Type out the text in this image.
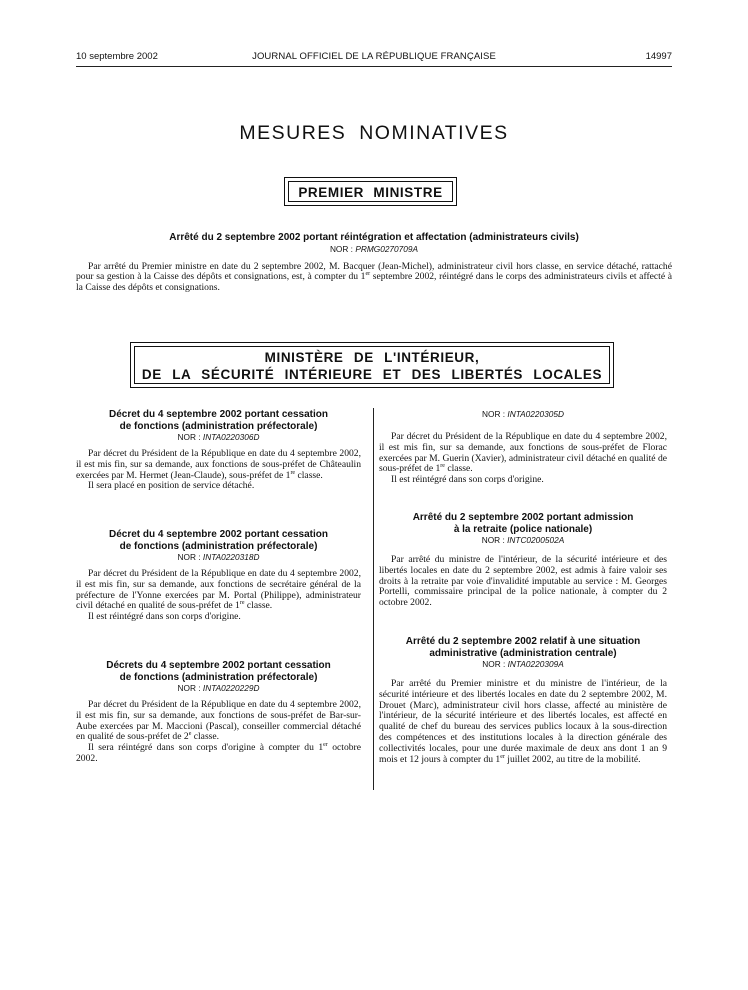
10 septembre 2002	JOURNAL OFFICIEL DE LA RÉPUBLIQUE FRANÇAISE	14997
MESURES NOMINATIVES
PREMIER MINISTRE
Arrêté du 2 septembre 2002 portant réintégration et affectation (administrateurs civils)
NOR : PRMG0270709A

Par arrêté du Premier ministre en date du 2 septembre 2002, M. Bacquer (Jean-Michel), administrateur civil hors classe, en service détaché, rattaché pour sa gestion à la Caisse des dépôts et consignations, est, à compter du 1er septembre 2002, réintégré dans le corps des administrateurs civils et affecté à la Caisse des dépôts et consignations.

MINISTÈRE DE L'INTÉRIEUR,
DE LA SÉCURITÉ INTÉRIEURE ET DES LIBERTÉS LOCALES
Décret du 4 septembre 2002 portant cessation
de fonctions (administration préfectorale)
NOR : INTA0220306D

Par décret du Président de la République en date du 4 septembre 2002, il est mis fin, sur sa demande, aux fonctions de sous-préfet de Châteaulin exercées par M. Hermet (Jean-Claude), sous-préfet de 1re classe.

Il sera placé en position de service détaché.

Décret du 4 septembre 2002 portant cessation
de fonctions (administration préfectorale)
NOR : INTA0220318D

Par décret du Président de la République en date du 4 septembre 2002, il est mis fin, sur sa demande, aux fonctions de secrétaire général de la préfecture de l'Yonne exercées par M. Portal (Philippe), administrateur civil détaché en qualité de sous-préfet de 1re classe.

Il est réintégré dans son corps d'origine.

Décrets du 4 septembre 2002 portant cessation
de fonctions (administration préfectorale)
NOR : INTA0220229D

Par décret du Président de la République en date du 4 septembre 2002, il est mis fin, sur sa demande, aux fonctions de sous-préfet de Bar-sur-Aube exercées par M. Maccioni (Pascal), conseiller commercial détaché en qualité de sous-préfet de 2e classe.

Il sera réintégré dans son corps d'origine à compter du 1er octobre 2002.

NOR : INTA0220305D

Par décret du Président de la République en date du 4 septembre 2002, il est mis fin, sur sa demande, aux fonctions de sous-préfet de Florac exercées par M. Guerin (Xavier), administrateur civil détaché en qualité de sous-préfet de 1re classe.

Il est réintégré dans son corps d'origine.

Arrêté du 2 septembre 2002 portant admission
à la retraite (police nationale)
NOR : INTC0200502A

Par arrêté du ministre de l'intérieur, de la sécurité intérieure et des libertés locales en date du 2 septembre 2002, est admis à faire valoir ses droits à la retraite par voie d'invalidité imputable au service : M. Georges Portelli, commissaire principal de la police nationale, à compter du 2 octobre 2002.

Arrêté du 2 septembre 2002 relatif à une situation
administrative (administration centrale)
NOR : INTA0220309A

Par arrêté du Premier ministre et du ministre de l'intérieur, de la sécurité intérieure et des libertés locales en date du 2 septembre 2002, M. Drouet (Marc), administrateur civil hors classe, affecté au ministère de l'intérieur, de la sécurité intérieure et des libertés locales, est affecté en qualité de chef du bureau des services publics locaux à la sous-direction des compétences et des institutions locales à la direction générale des collectivités locales, pour une durée maximale de deux ans dont 1 an 9 mois et 12 jours à compter du 1er juillet 2002, au titre de la mobilité.
